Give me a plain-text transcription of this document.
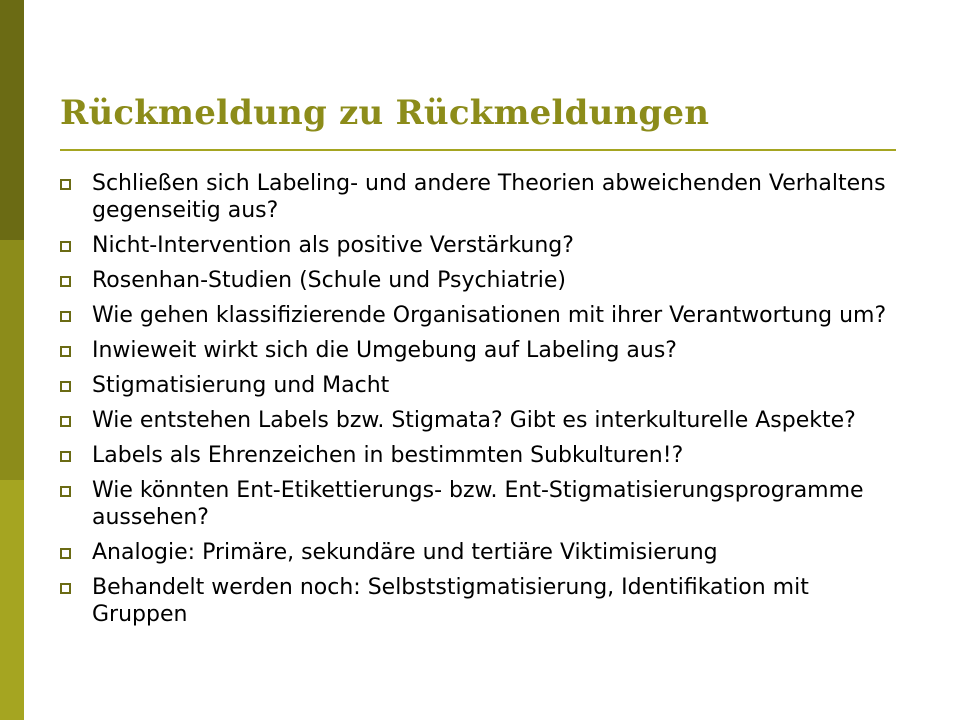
Rückmeldung zu Rückmeldungen
Schließen sich Labeling- und andere Theorien abweichenden Verhaltens gegenseitig aus?
Nicht-Intervention als positive Verstärkung?
Rosenhan-Studien (Schule und Psychiatrie)
Wie gehen klassifizierende Organisationen mit ihrer Verantwortung um?
Inwieweit wirkt sich die Umgebung auf Labeling aus?
Stigmatisierung und Macht
Wie entstehen Labels bzw. Stigmata? Gibt es interkulturelle Aspekte?
Labels als Ehrenzeichen in bestimmten Subkulturen!?
Wie könnten Ent-Etikettierungs- bzw. Ent-Stigmatisierungsprogramme aussehen?
Analogie: Primäre, sekundäre und tertiäre Viktimisierung
Behandelt werden noch: Selbststigmatisierung, Identifikation mit Gruppen
